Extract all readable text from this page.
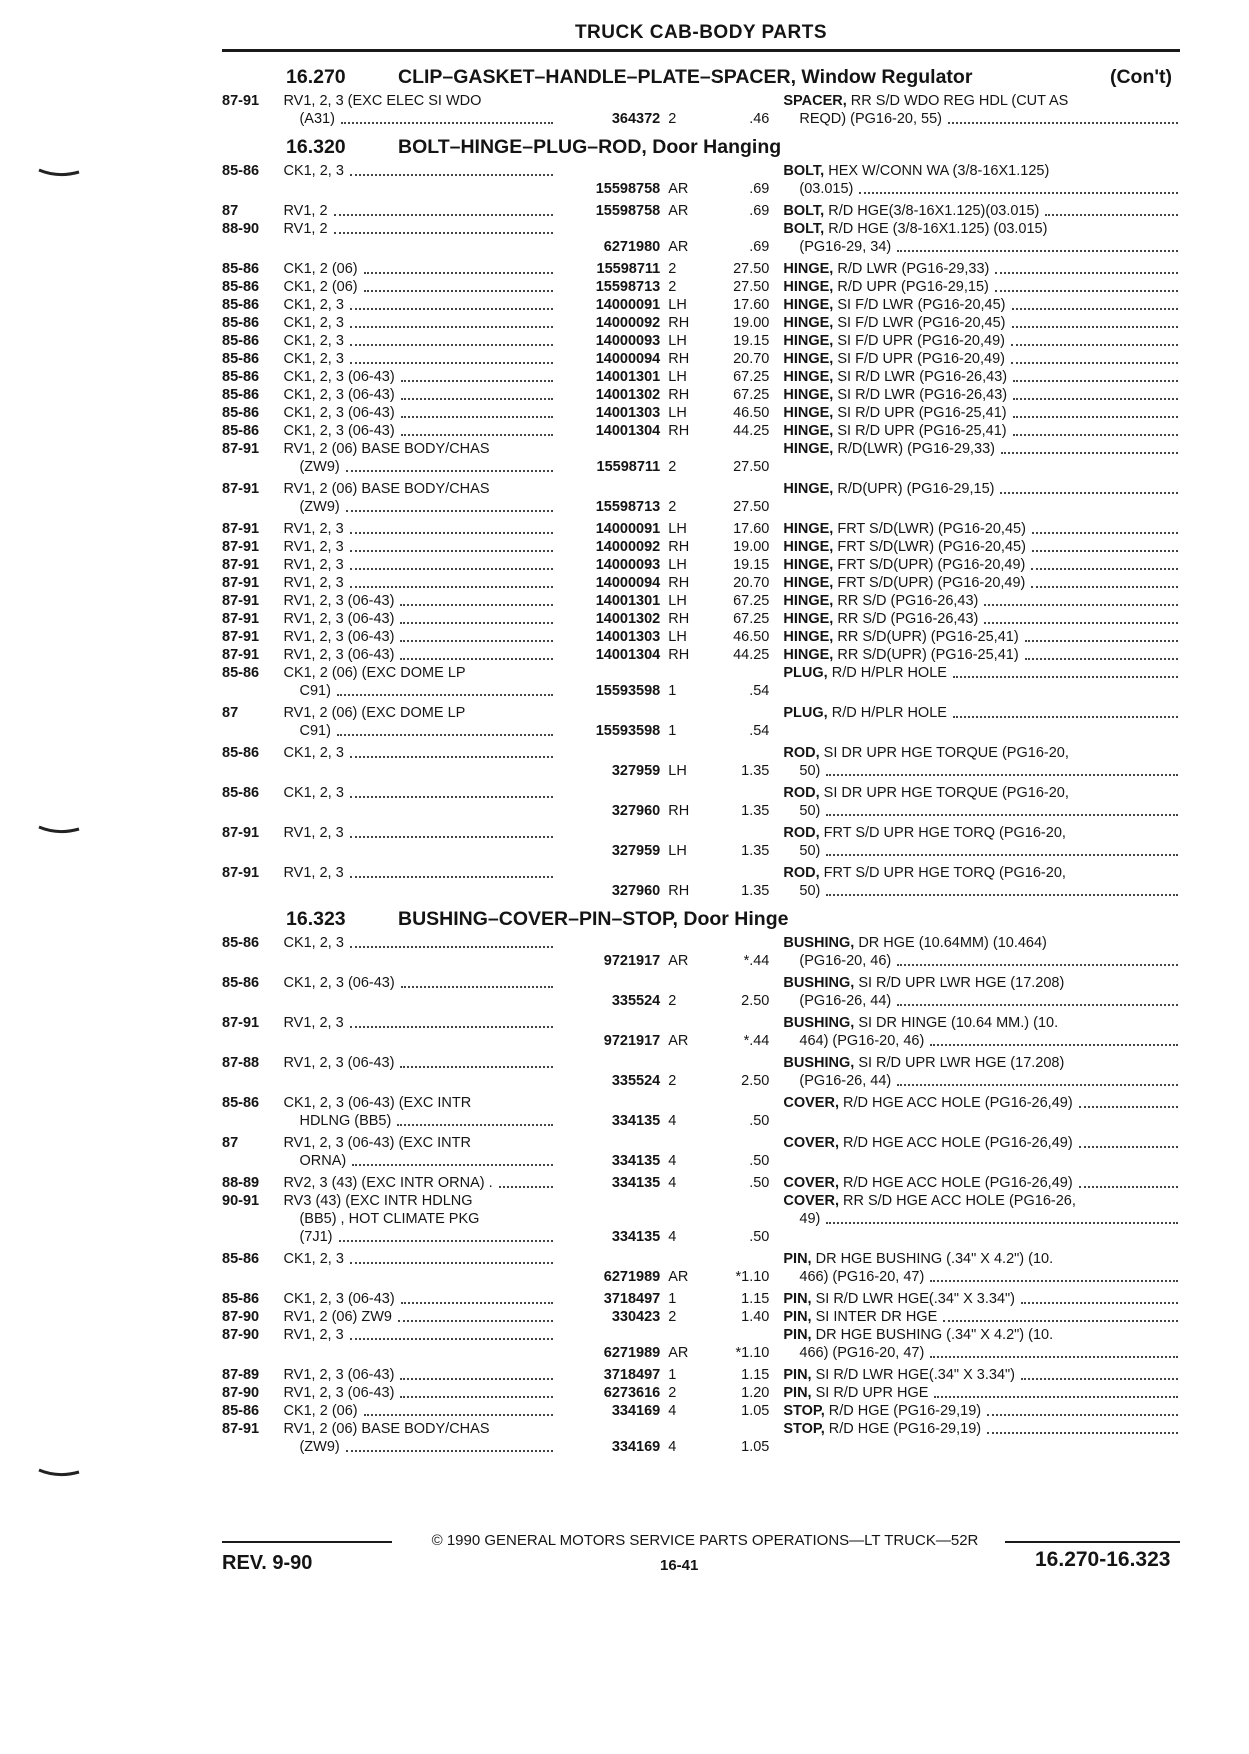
TRUCK CAB-BODY PARTS
16.270	CLIP–GASKET–HANDLE–PLATE–SPACER, Window Regulator	(Con't)
87-91	RV1, 2, 3 (EXC ELEC SI WDO
(A31)	364372 2	.46
SPACER, RR S/D WDO REG HDL (CUT AS
REQD) (PG16-20, 55)
16.320	BOLT–HINGE–PLUG–ROD, Door Hanging
85-86	CK1, 2, 3
15598758 AR	.69
BOLT, HEX W/CONN WA (3/8-16X1.125)
(03.015)
87	RV1, 2	15598758 AR	.69 BOLT, R/D HGE(3/8-16X1.125)(03.015)
88-90	RV1, 2
6271980 AR	.69
BOLT, R/D HGE (3/8-16X1.125) (03.015)
(PG16-29, 34)
85-86	CK1, 2 (06)	15598711 2	27.50 HINGE, R/D LWR (PG16-29,33)
85-86	CK1, 2 (06)	15598713 2	27.50 HINGE, R/D UPR (PG16-29,15)
85-86	CK1, 2, 3	14000091 LH	17.60 HINGE, SI F/D LWR (PG16-20,45)
85-86	CK1, 2, 3	14000092 RH	19.00 HINGE, SI F/D LWR (PG16-20,45)
85-86	CK1, 2, 3	14000093 LH	19.15 HINGE, SI F/D UPR (PG16-20,49)
85-86	CK1, 2, 3	14000094 RH	20.70 HINGE, SI F/D UPR (PG16-20,49)
85-86	CK1, 2, 3 (06-43)	14001301 LH	67.25 HINGE, SI R/D LWR (PG16-26,43)
85-86	CK1, 2, 3 (06-43)	14001302 RH	67.25 HINGE, SI R/D LWR (PG16-26,43)
85-86	CK1, 2, 3 (06-43)	14001303 LH	46.50 HINGE, SI R/D UPR (PG16-25,41)
85-86	CK1, 2, 3 (06-43)	14001304 RH	44.25 HINGE, SI R/D UPR (PG16-25,41)
87-91	RV1, 2 (06) BASE BODY/CHAS
(ZW9)	15598711 2	27.50
HINGE, R/D(LWR) (PG16-29,33)
87-91	RV1, 2 (06) BASE BODY/CHAS
(ZW9)	15598713 2	27.50
HINGE, R/D(UPR) (PG16-29,15)
87-91	RV1, 2, 3	14000091 LH	17.60 HINGE, FRT S/D(LWR) (PG16-20,45)
87-91	RV1, 2, 3	14000092 RH	19.00 HINGE, FRT S/D(LWR) (PG16-20,45)
87-91	RV1, 2, 3	14000093 LH	19.15 HINGE, FRT S/D(UPR) (PG16-20,49)
87-91	RV1, 2, 3	14000094 RH	20.70 HINGE, FRT S/D(UPR) (PG16-20,49)
87-91	RV1, 2, 3 (06-43)	14001301 LH	67.25 HINGE, RR S/D (PG16-26,43)
87-91	RV1, 2, 3 (06-43)	14001302 RH	67.25 HINGE, RR S/D (PG16-26,43)
87-91	RV1, 2, 3 (06-43)	14001303 LH	46.50 HINGE, RR S/D(UPR) (PG16-25,41)
87-91	RV1, 2, 3 (06-43)	14001304 RH	44.25 HINGE, RR S/D(UPR) (PG16-25,41)
85-86	CK1, 2 (06) (EXC DOME LP
C91)	15593598 1	.54
PLUG, R/D H/PLR HOLE
87	RV1, 2 (06) (EXC DOME LP
C91)	15593598 1	.54
PLUG, R/D H/PLR HOLE
85-86	CK1, 2, 3
327959 LH	1.35
ROD, SI DR UPR HGE TORQUE (PG16-20,
50)
85-86	CK1, 2, 3
327960 RH	1.35
ROD, SI DR UPR HGE TORQUE (PG16-20,
50)
87-91	RV1, 2, 3
327959 LH	1.35
ROD, FRT S/D UPR HGE TORQ (PG16-20,
50)
87-91	RV1, 2, 3
327960 RH	1.35
ROD, FRT S/D UPR HGE TORQ (PG16-20,
50)
16.323	BUSHING–COVER–PIN–STOP, Door Hinge
85-86	CK1, 2, 3
9721917 AR	*.44
BUSHING, DR HGE (10.64MM) (10.464)
(PG16-20, 46)
85-86	CK1, 2, 3 (06-43)
335524 2	2.50
BUSHING, SI R/D UPR LWR HGE (17.208)
(PG16-26, 44)
87-91	RV1, 2, 3
9721917 AR	*.44
BUSHING, SI DR HINGE (10.64 MM.) (10.
464) (PG16-20, 46)
87-88	RV1, 2, 3 (06-43)
335524 2	2.50
BUSHING, SI R/D UPR LWR HGE (17.208)
(PG16-26, 44)
85-86	CK1, 2, 3 (06-43) (EXC INTR
HDLNG (BB5)	334135 4	.50
COVER, R/D HGE ACC HOLE (PG16-26,49)
87	RV1, 2, 3 (06-43) (EXC INTR
ORNA)	334135 4	.50
COVER, R/D HGE ACC HOLE (PG16-26,49)
88-89	RV2, 3 (43) (EXC INTR ORNA) .	334135 4	.50 COVER, R/D HGE ACC HOLE (PG16-26,49)
90-91	RV3 (43) (EXC INTR HDLNG
(BB5) , HOT CLIMATE PKG
(7J1)	334135 4	.50
COVER, RR S/D HGE ACC HOLE (PG16-26,
49)
85-86	CK1, 2, 3
6271989 AR	*1.10
PIN, DR HGE BUSHING (.34" X 4.2") (10.
466) (PG16-20, 47)
85-86	CK1, 2, 3 (06-43)	3718497 1	1.15 PIN, SI R/D LWR HGE(.34" X 3.34")
87-90	RV1, 2 (06) ZW9	330423 2	1.40 PIN, SI INTER DR HGE
87-90	RV1, 2, 3
6271989 AR	*1.10
PIN, DR HGE BUSHING (.34" X 4.2") (10.
466) (PG16-20, 47)
87-89	RV1, 2, 3 (06-43)	3718497 1	1.15 PIN, SI R/D LWR HGE(.34" X 3.34")
87-90	RV1, 2, 3 (06-43)	6273616 2	1.20 PIN, SI R/D UPR HGE
85-86	CK1, 2 (06)	334169 4	1.05 STOP, R/D HGE (PG16-29,19)
87-91	RV1, 2 (06) BASE BODY/CHAS
(ZW9)	334169 4	1.05
STOP, R/D HGE (PG16-29,19)
© 1990 GENERAL MOTORS SERVICE PARTS OPERATIONS—LT TRUCK—52R
REV. 9-90	16-41	16.270-16.323
